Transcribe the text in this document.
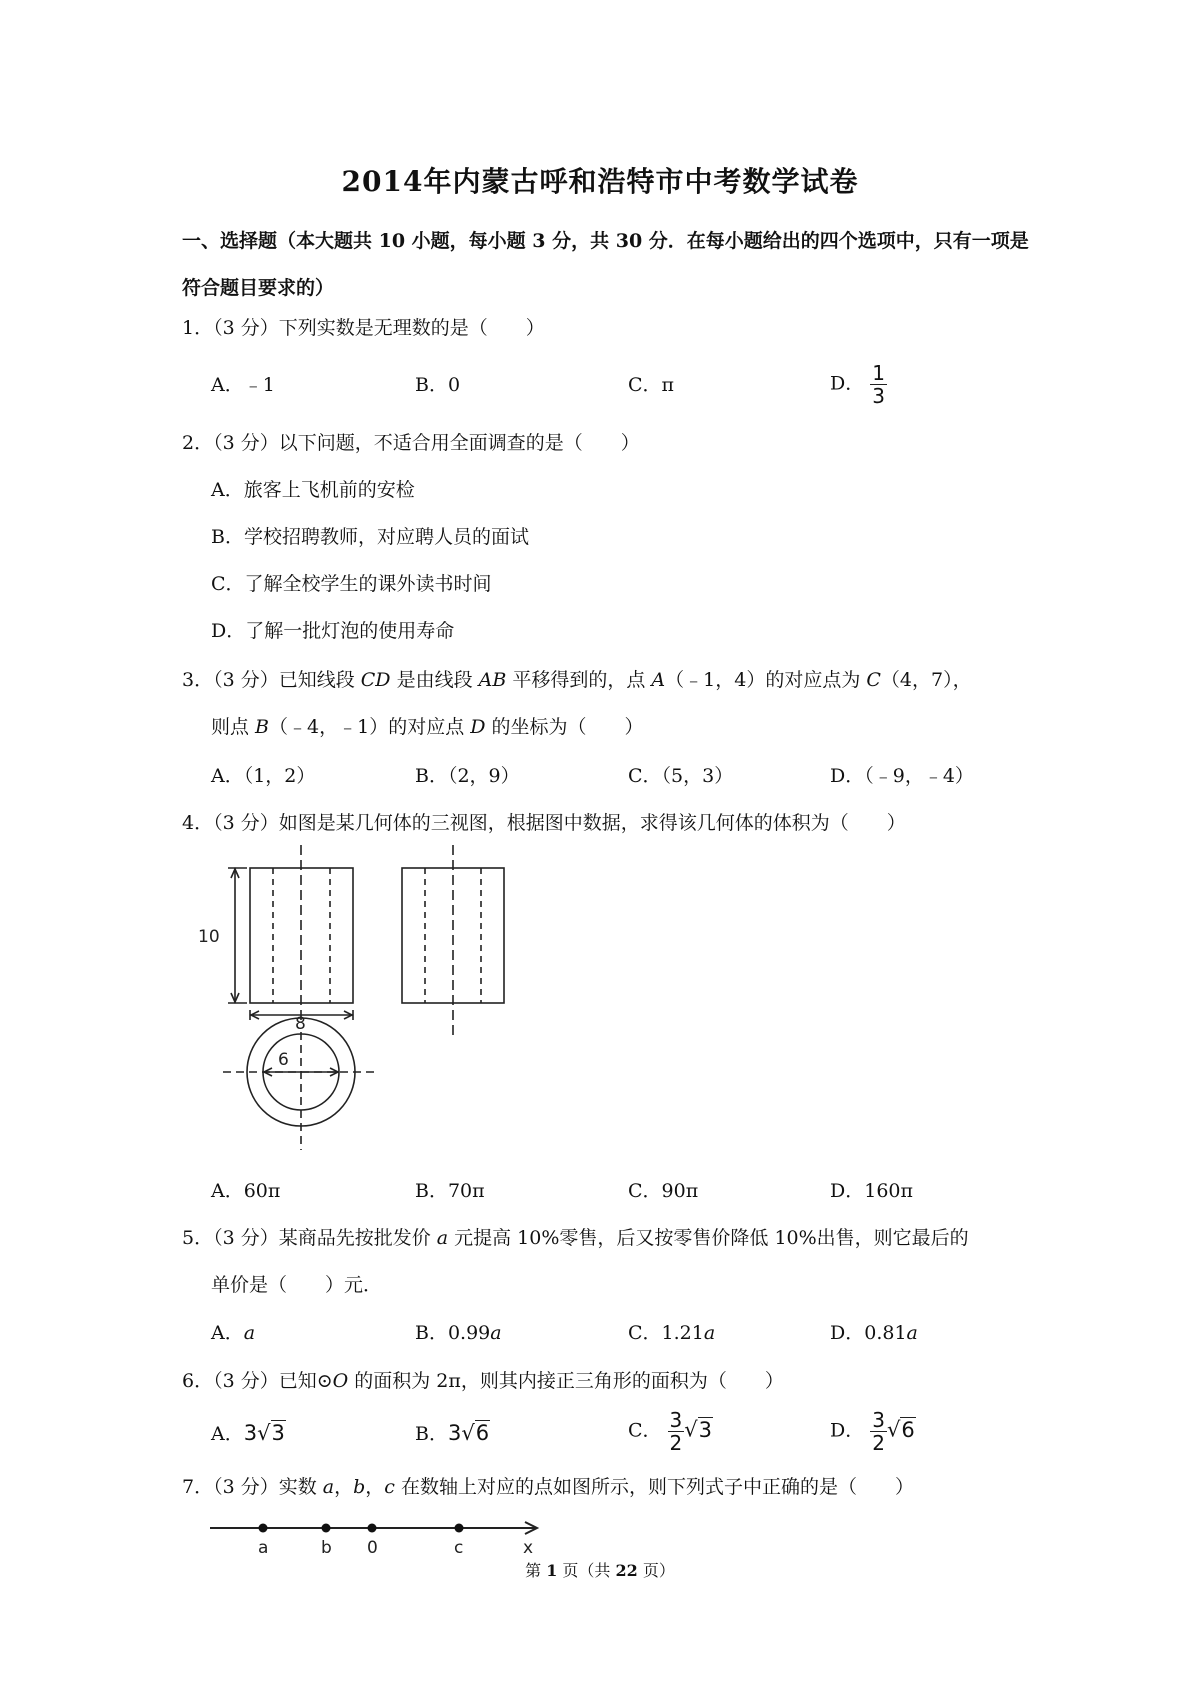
2014年内蒙古呼和浩特市中考数学试卷
一、选择题（本大题共 10 小题，每小题 3 分，共 30 分．在每小题给出的四个选项中，只有一项是符合题目要求的）
1．（3 分）下列实数是无理数的是（　　）
A．﹣1	B．0	C．π	D． $\frac{1}{3}$
2．（3 分）以下问题，不适合用全面调查的是（　　）
A．旅客上飞机前的安检
B．学校招聘教师，对应聘人员的面试
C．了解全校学生的课外读书时间
D．了解一批灯泡的使用寿命
3．（3 分）已知线段 CD 是由线段 AB 平移得到的，点 A（﹣1，4）的对应点为 C（4，7），
则点 B（﹣4，﹣1）的对应点 D 的坐标为（　　）
A．（1，2）	B．（2，9）	C．（5，3）	D．（﹣9，﹣4）
4．（3 分）如图是某几何体的三视图，根据图中数据，求得该几何体的体积为（　　）
10
8
6
A．60π	B．70π	C．90π	D．160π
5．（3 分）某商品先按批发价 a 元提高 10%零售，后又按零售价降低 10%出售，则它最后的
单价是（　　）元．
A．a	B．0.99a	C．1.21a	D．0.81a
6．（3 分）已知⊙O 的面积为 2π，则其内接正三角形的面积为（　　）
A．3√3	B．3√6	C． $\frac{3}{2} √3$	D． $\frac{3}{2} √6$
7．（3 分）实数 a，b，c 在数轴上对应的点如图所示，则下列式子中正确的是（　　）
a	b 0	c	x
第 1 页（共 22 页）
